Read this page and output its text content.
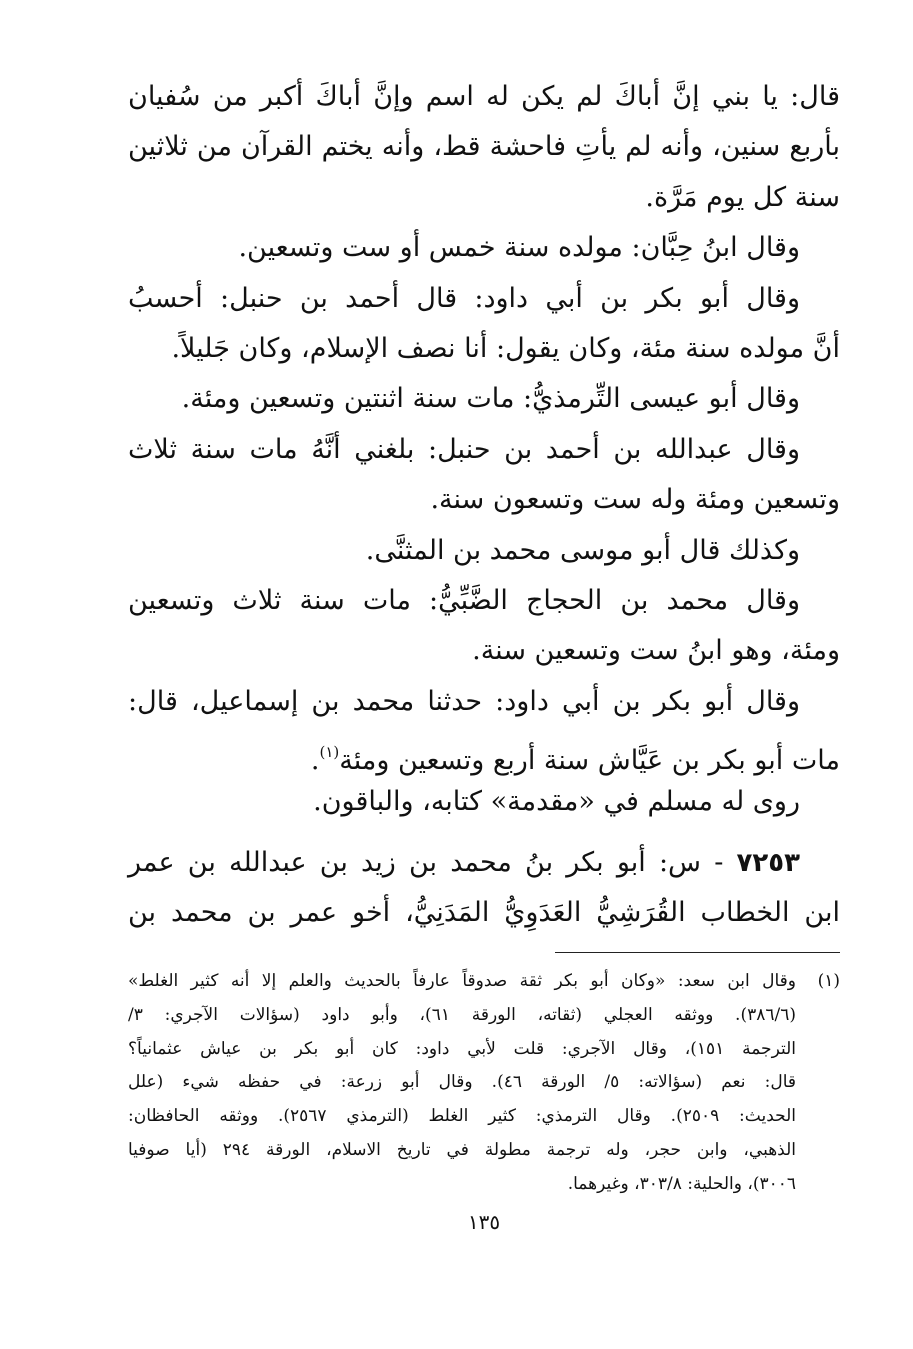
قال: يا بني إنَّ أباكَ لم يكن له اسم وإنَّ أباكَ أكبر من سُفيان
بأربع سنين، وأنه لم يأتِ فاحشة قط، وأنه يختم القرآن من ثلاثين
سنة كل يوم مَرَّة.
وقال ابنُ حِبَّان: مولده سنة خمس أو ست وتسعين.
وقال أبو بكر بن أبي داود: قال أحمد بن حنبل: أحسبُ
أنَّ مولده سنة مئة، وكان يقول: أنا نصف الإسلام، وكان جَليلاً.
وقال أبو عيسى التِّرمذيُّ: مات سنة اثنتين وتسعين ومئة.
وقال عبدالله بن أحمد بن حنبل: بلغني أنَّهُ مات سنة ثلاث
وتسعين ومئة وله ست وتسعون سنة.
وكذلك قال أبو موسى محمد بن المثنَّى.
وقال محمد بن الحجاج الضَّبِّيُّ: مات سنة ثلاث وتسعين
ومئة، وهو ابنُ ست وتسعين سنة.
وقال أبو بكر بن أبي داود: حدثنا محمد بن إسماعيل، قال:
مات أبو بكر بن عَيَّاش سنة أربع وتسعين ومئة$^{(١)}$.
روى له مسلم في «مقدمة» كتابه، والباقون.
٧٢٥٣ - س: أبو بكر بنُ محمد بن زيد بن عبدالله بن عمر
ابن الخطاب القُرَشِيُّ العَدَوِيُّ المَدَنِيُّ، أخو عمر بن محمد بن
(١)
وقال ابن سعد: «وكان أبو بكر ثقة صدوقاً عارفاً بالحديث والعلم إلا أنه كثير الغلط»
(٣٨٦/٦). ووثقه العجلي (ثقاته، الورقة ٦١)، وأبو داود (سؤالات الآجري: ٣/
الترجمة ١٥١)، وقال الآجري: قلت لأبي داود: كان أبو بكر بن عياش عثمانياً؟
قال: نعم (سؤالاته: ٥/ الورقة ٤٦). وقال أبو زرعة: في حفظه شيء (علل
الحديث: ٢٥٠٩). وقال الترمذي: كثير الغلط (الترمذي ٢٥٦٧). ووثقه الحافظان:
الذهبي، وابن حجر، وله ترجمة مطولة في تاريخ الاسلام، الورقة ٢٩٤ (أيا صوفيا
٣٠٠٦)، والحلية: ٣٠٣/٨، وغيرهما.
١٣٥
